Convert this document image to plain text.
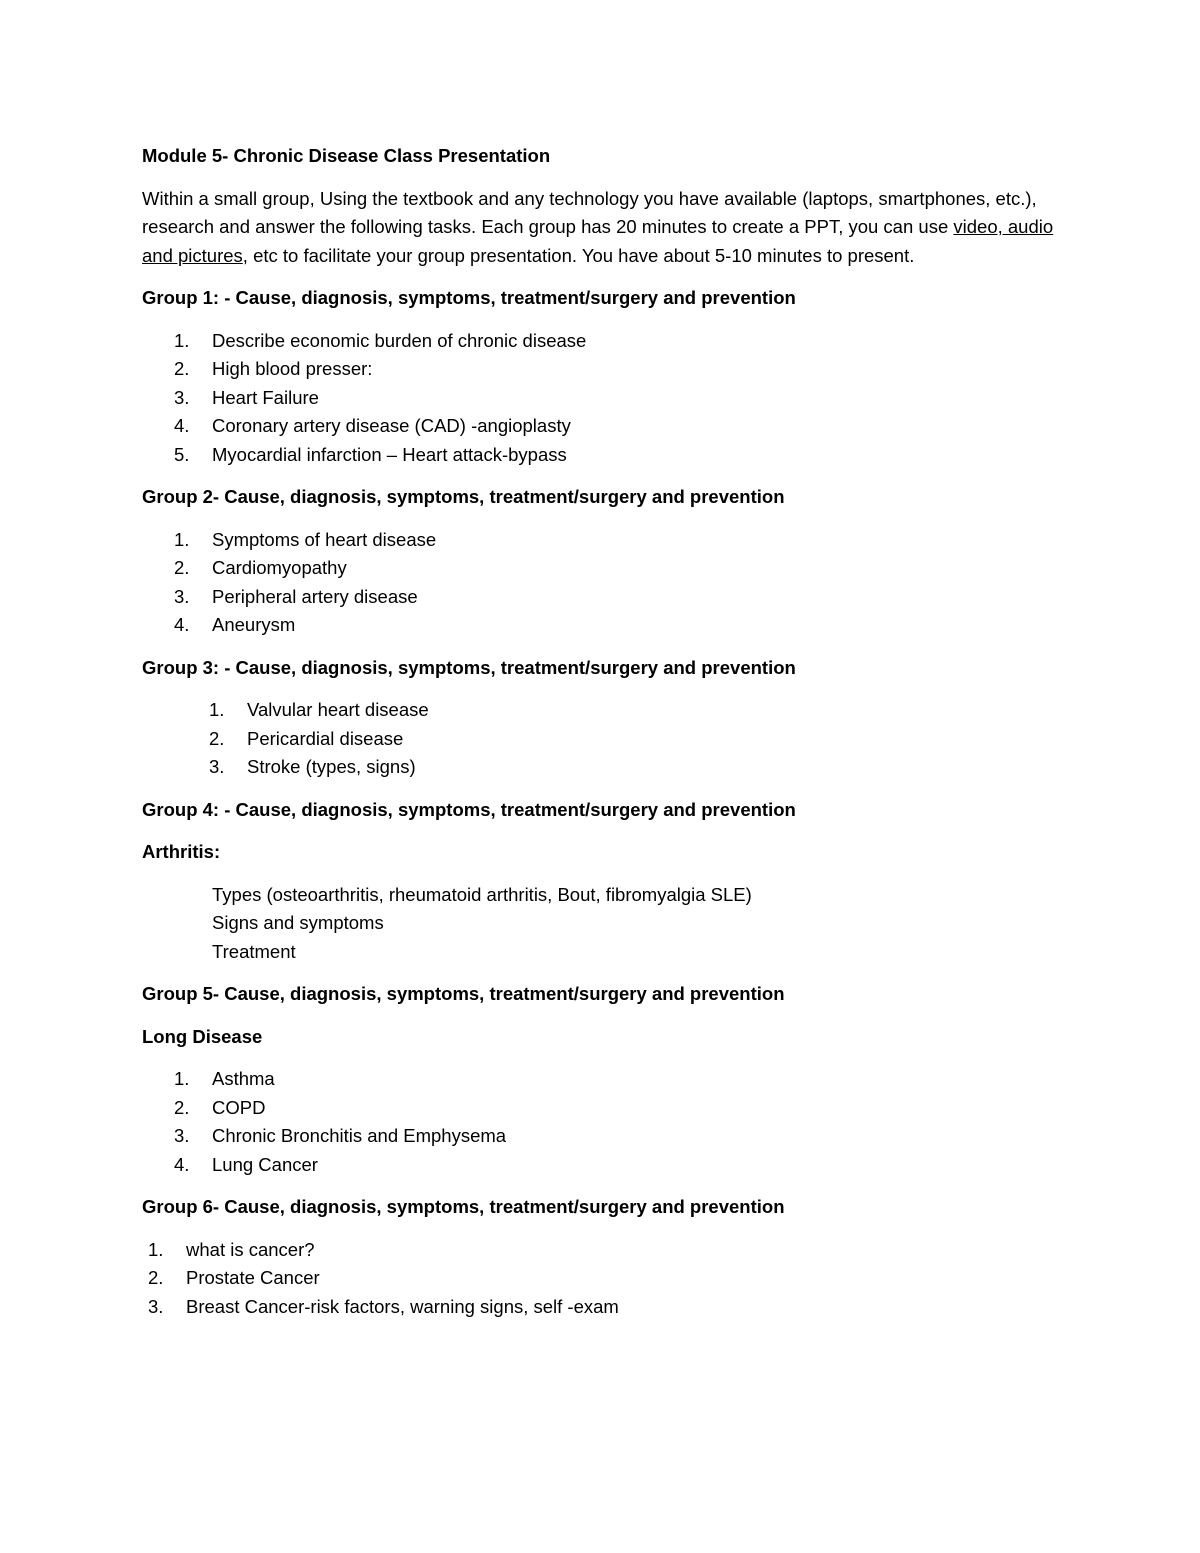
Module 5- Chronic Disease Class Presentation
Within a small group, Using the textbook and any technology you have available (laptops, smartphones, etc.), research and answer the following tasks. Each group has 20 minutes to create a PPT, you can use video, audio and pictures, etc to facilitate your group presentation. You have about 5-10 minutes to present.
Group 1: - Cause, diagnosis, symptoms, treatment/surgery and prevention
1.	Describe economic burden of chronic disease
2.	High blood presser:
3.	Heart Failure
4.	Coronary artery disease (CAD) -angioplasty
5.	Myocardial infarction – Heart attack-bypass
Group 2- Cause, diagnosis, symptoms, treatment/surgery and prevention
1.	Symptoms of heart disease
2.	Cardiomyopathy
3.	Peripheral artery disease
4.	Aneurysm
Group 3: - Cause, diagnosis, symptoms, treatment/surgery and prevention
1.	Valvular heart disease
2.	Pericardial disease
3.	Stroke (types, signs)
Group 4: - Cause, diagnosis, symptoms, treatment/surgery and prevention
Arthritis:
Types (osteoarthritis, rheumatoid arthritis, Bout, fibromyalgia SLE)
Signs and symptoms
Treatment
Group 5- Cause, diagnosis, symptoms, treatment/surgery and prevention
Long Disease
1.	Asthma
2.	COPD
3.	Chronic Bronchitis and Emphysema
4.	Lung Cancer
Group 6- Cause, diagnosis, symptoms, treatment/surgery and prevention
1.	what is cancer?
2.	Prostate Cancer
3.	Breast Cancer-risk factors, warning signs, self -exam
